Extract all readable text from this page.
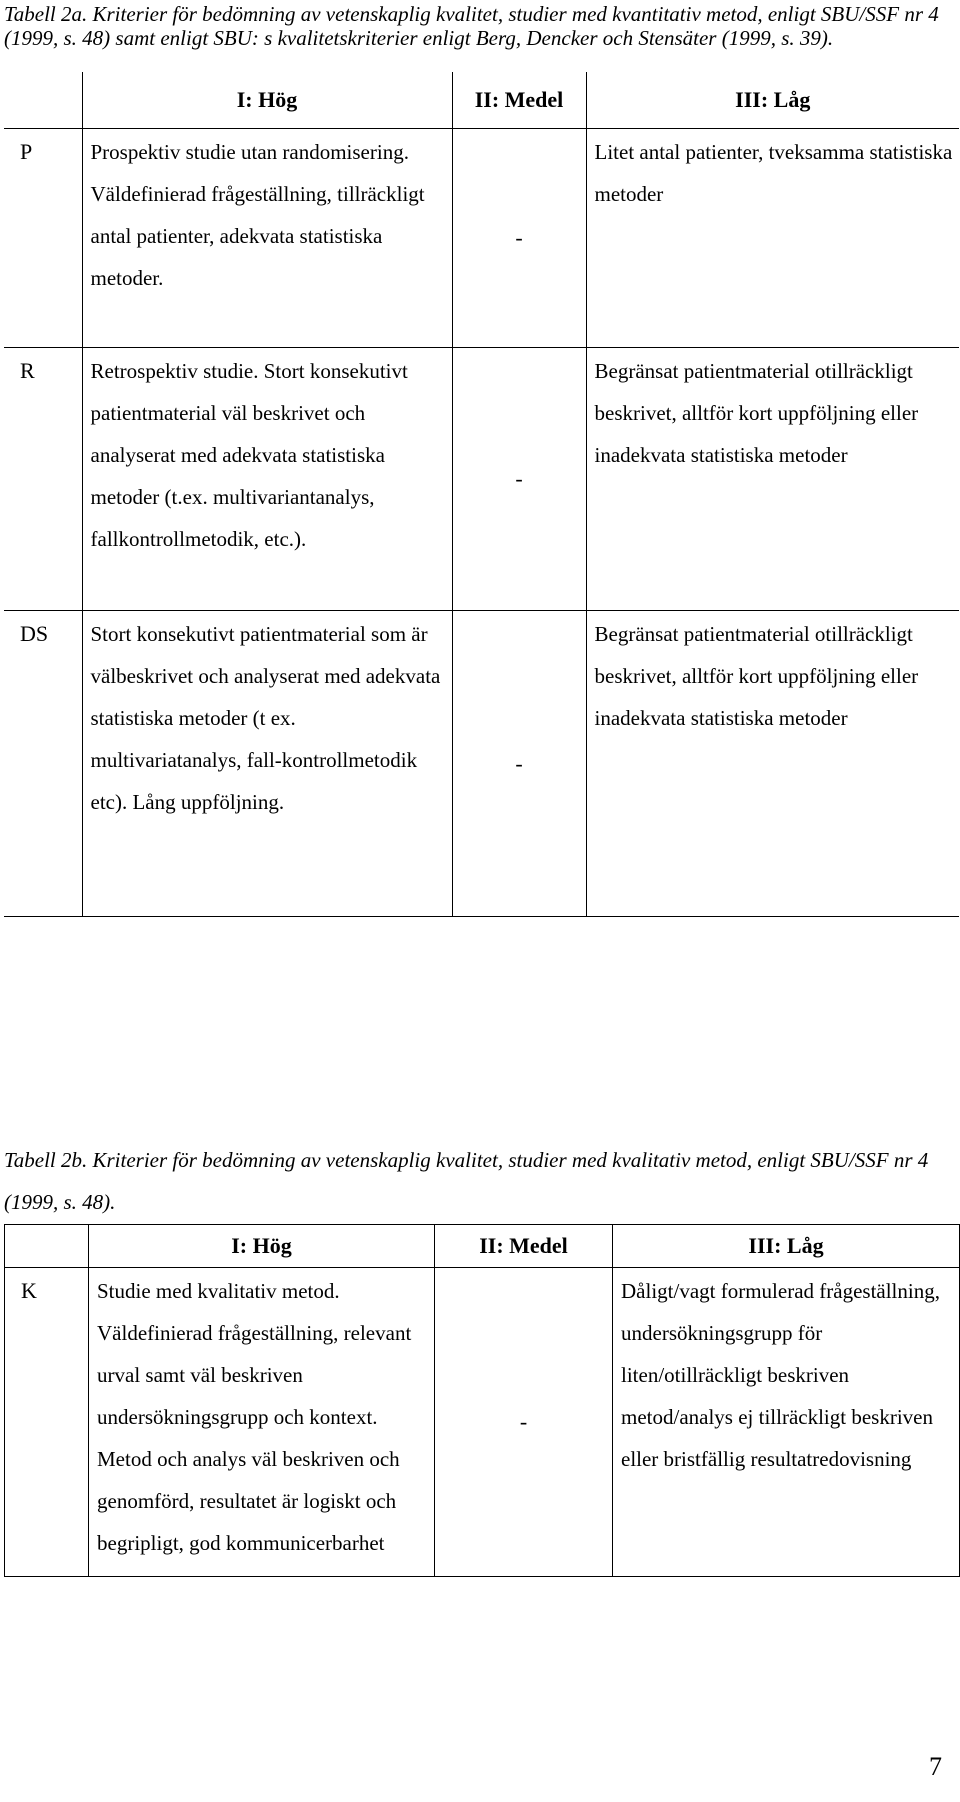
Tabell 2a. Kriterier för bedömning av vetenskaplig kvalitet, studier med kvantitativ metod, enligt SBU/SSF nr 4 (1999, s. 48) samt enligt SBU: s kvalitetskriterier enligt Berg, Dencker och Stensäter (1999, s. 39).

	I: Hög	II: Medel	III: Låg
P	Prospektiv studie utan randomisering. Väldefinierad frågeställning, tillräckligt antal patienter, adekvata statistiska metoder.	-	Litet antal patienter, tveksamma statistiska metoder
R	Retrospektiv studie. Stort konsekutivt patientmaterial väl beskrivet och analyserat med adekvata statistiska metoder (t.ex. multivariantanalys, fallkontrollmetodik, etc.).	-	Begränsat patientmaterial otillräckligt beskrivet, alltför kort uppföljning eller inadekvata statistiska metoder
DS	Stort konsekutivt patientmaterial som är välbeskrivet och analyserat med adekvata statistiska metoder (t ex. multivariatanalys, fall-kontrollmetodik etc). Lång uppföljning.	-	Begränsat patientmaterial otillräckligt beskrivet, alltför kort uppföljning eller inadekvata statistiska metoder

Tabell 2b. Kriterier för bedömning av vetenskaplig kvalitet, studier med kvalitativ metod, enligt SBU/SSF nr 4 (1999, s. 48).

	I: Hög	II: Medel	III: Låg
K	Studie med kvalitativ metod. Väldefinierad frågeställning, relevant urval samt väl beskriven undersökningsgrupp och kontext. Metod och analys väl beskriven och genomförd, resultatet är logiskt och begripligt, god kommunicerbarhet	-	Dåligt/vagt formulerad frågeställning, undersökningsgrupp för liten/otillräckligt beskriven metod/analys ej tillräckligt beskriven eller bristfällig resultatredovisning
7
